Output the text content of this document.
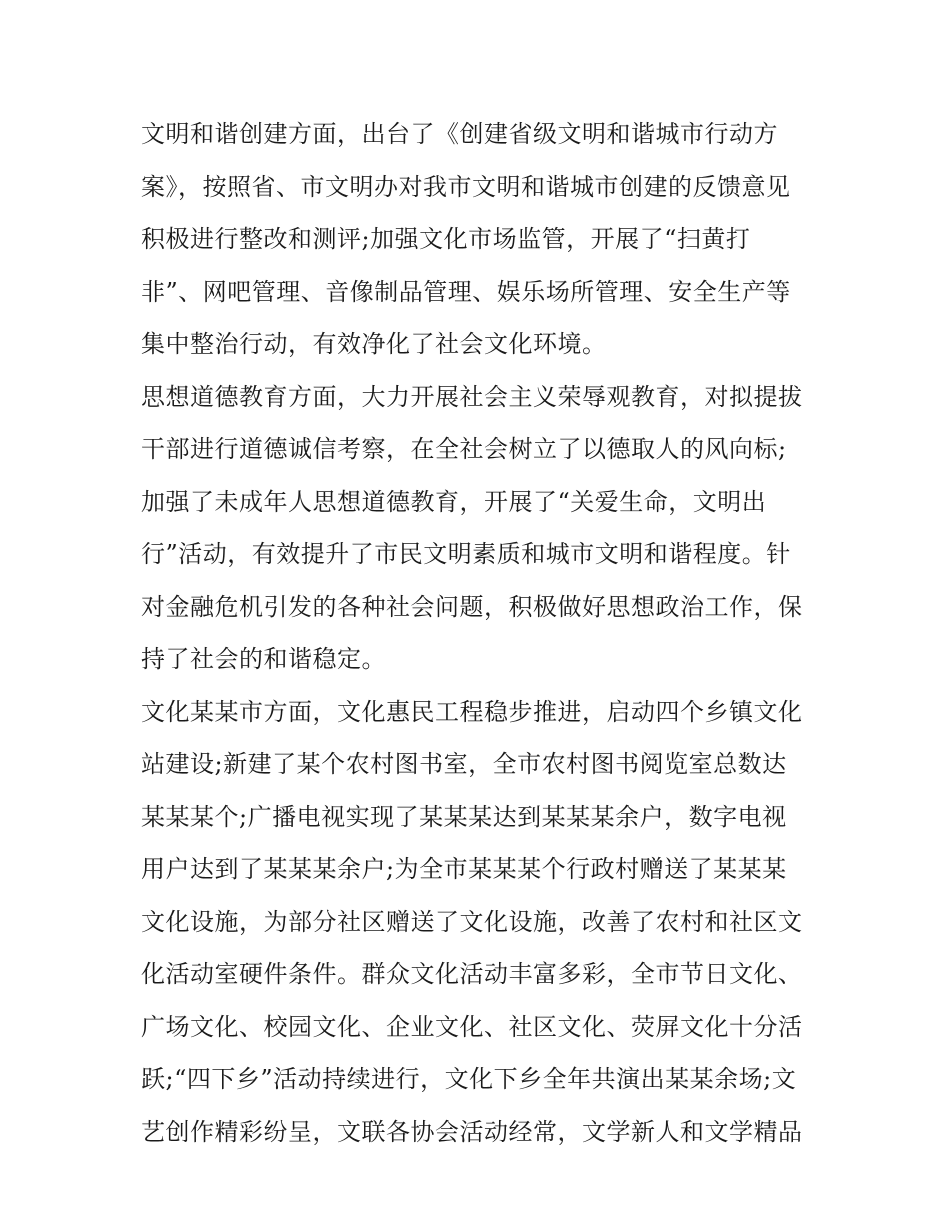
文明和谐创建方面，出台了《创建省级文明和谐城市行动方
案》，按照省、市文明办对我市文明和谐城市创建的反馈意见
积极进行整改和测评;加强文化市场监管，开展了“扫黄打
非”、网吧管理、音像制品管理、娱乐场所管理、安全生产等
集中整治行动，有效净化了社会文化环境。
思想道德教育方面，大力开展社会主义荣辱观教育，对拟提拔
干部进行道德诚信考察，在全社会树立了以德取人的风向标;
加强了未成年人思想道德教育，开展了“关爱生命，文明出
行”活动，有效提升了市民文明素质和城市文明和谐程度。针
对金融危机引发的各种社会问题，积极做好思想政治工作，保
持了社会的和谐稳定。
文化某某市方面，文化惠民工程稳步推进，启动四个乡镇文化
站建设;新建了某个农村图书室，全市农村图书阅览室总数达
某某某个;广播电视实现了某某某达到某某某余户，数字电视
用户达到了某某某余户;为全市某某某个行政村赠送了某某某
文化设施，为部分社区赠送了文化设施，改善了农村和社区文
化活动室硬件条件。群众文化活动丰富多彩，全市节日文化、
广场文化、校园文化、企业文化、社区文化、荧屏文化十分活
跃;“四下乡”活动持续进行，文化下乡全年共演出某某余场;文
艺创作精彩纷呈，文联各协会活动经常，文学新人和文学精品
